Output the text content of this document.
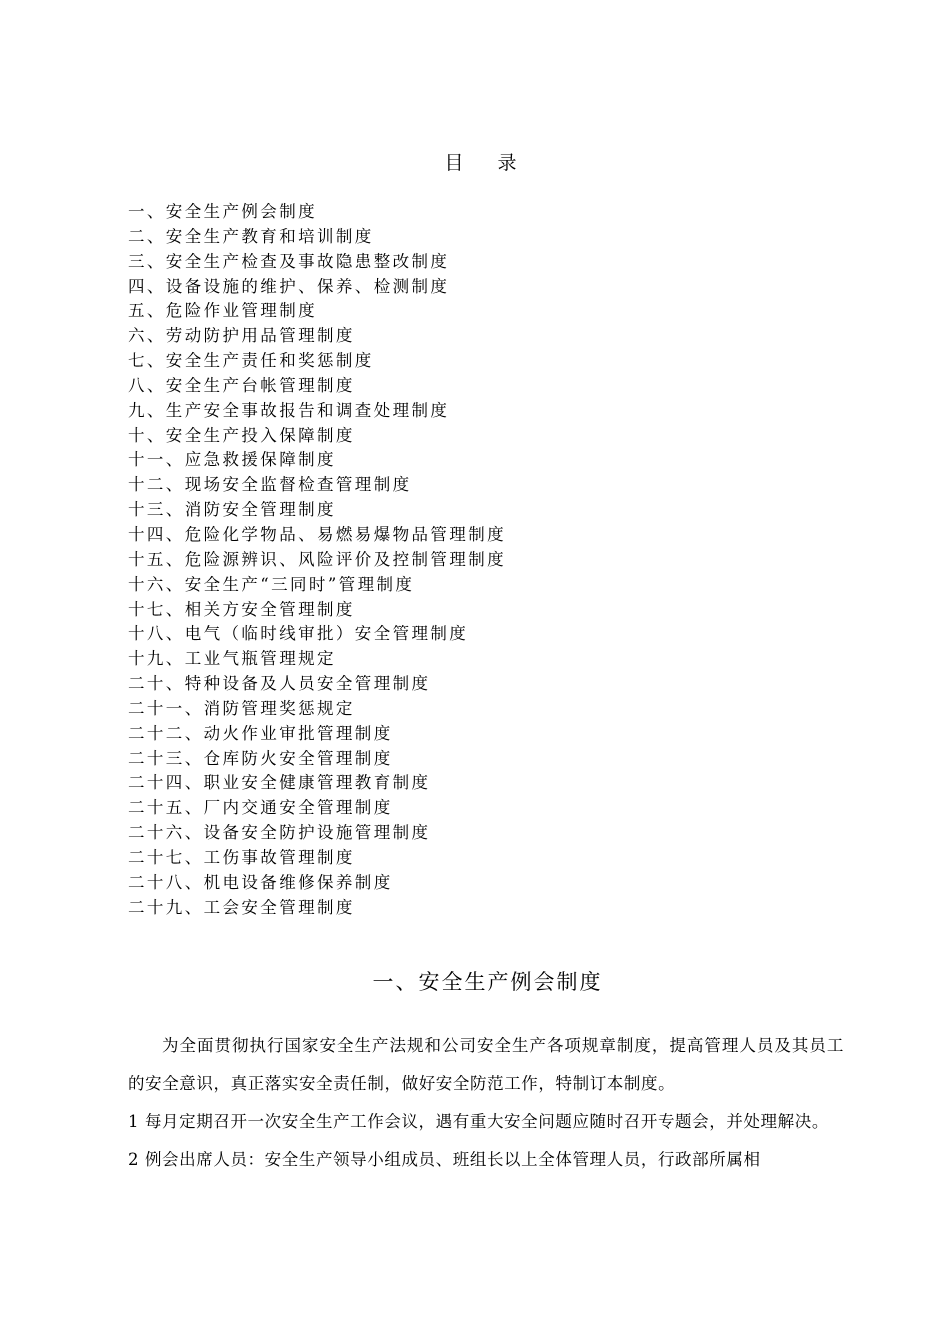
目 录
一、安全生产例会制度
二、安全生产教育和培训制度
三、安全生产检查及事故隐患整改制度
四、设备设施的维护、保养、检测制度
五、危险作业管理制度
六、劳动防护用品管理制度
七、安全生产责任和奖惩制度
八、安全生产台帐管理制度
九、生产安全事故报告和调查处理制度
十、安全生产投入保障制度
十一、应急救援保障制度
十二、现场安全监督检查管理制度
十三、消防安全管理制度
十四、危险化学物品、易燃易爆物品管理制度
十五、危险源辨识、风险评价及控制管理制度
十六、安全生产“三同时”管理制度
十七、相关方安全管理制度
十八、电气（临时线审批）安全管理制度
十九、工业气瓶管理规定
二十、特种设备及人员安全管理制度
二十一、消防管理奖惩规定
二十二、动火作业审批管理制度
二十三、仓库防火安全管理制度
二十四、职业安全健康管理教育制度
二十五、厂内交通安全管理制度
二十六、设备安全防护设施管理制度
二十七、工伤事故管理制度
二十八、机电设备维修保养制度
二十九、工会安全管理制度
一、安全生产例会制度

为全面贯彻执行国家安全生产法规和公司安全生产各项规章制度，提高管理人员及其员工的安全意识，真正落实安全责任制，做好安全防范工作，特制订本制度。

1 每月定期召开一次安全生产工作会议，遇有重大安全问题应随时召开专题会，并处理解决。

2 例会出席人员：安全生产领导小组成员、班组长以上全体管理人员，行政部所属相
